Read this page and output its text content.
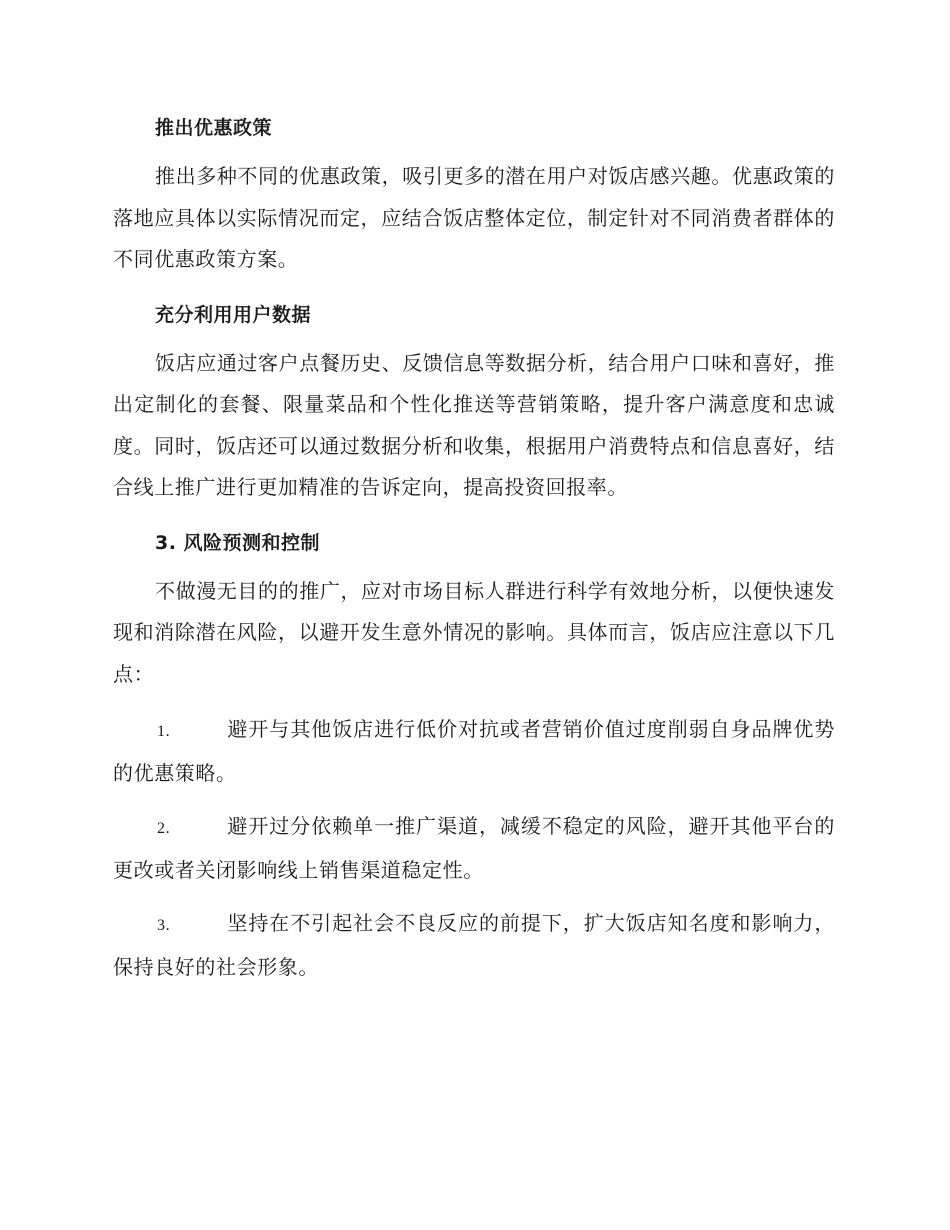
推出优惠政策

推出多种不同的优惠政策，吸引更多的潜在用户对饭店感兴趣。优惠政策的落地应具体以实际情况而定，应结合饭店整体定位，制定针对不同消费者群体的不同优惠政策方案。

充分利用用户数据

饭店应通过客户点餐历史、反馈信息等数据分析，结合用户口味和喜好，推出定制化的套餐、限量菜品和个性化推送等营销策略，提升客户满意度和忠诚度。同时，饭店还可以通过数据分析和收集，根据用户消费特点和信息喜好，结合线上推广进行更加精准的告诉定向，提高投资回报率。

3. 风险预测和控制

不做漫无目的的推广，应对市场目标人群进行科学有效地分析，以便快速发现和消除潜在风险，以避开发生意外情况的影响。具体而言，饭店应注意以下几点：

1.	避开与其他饭店进行低价对抗或者营销价值过度削弱自身品牌优势的优惠策略。

2.	避开过分依赖单一推广渠道，减缓不稳定的风险，避开其他平台的更改或者关闭影响线上销售渠道稳定性。

3.	坚持在不引起社会不良反应的前提下，扩大饭店知名度和影响力，保持良好的社会形象。
